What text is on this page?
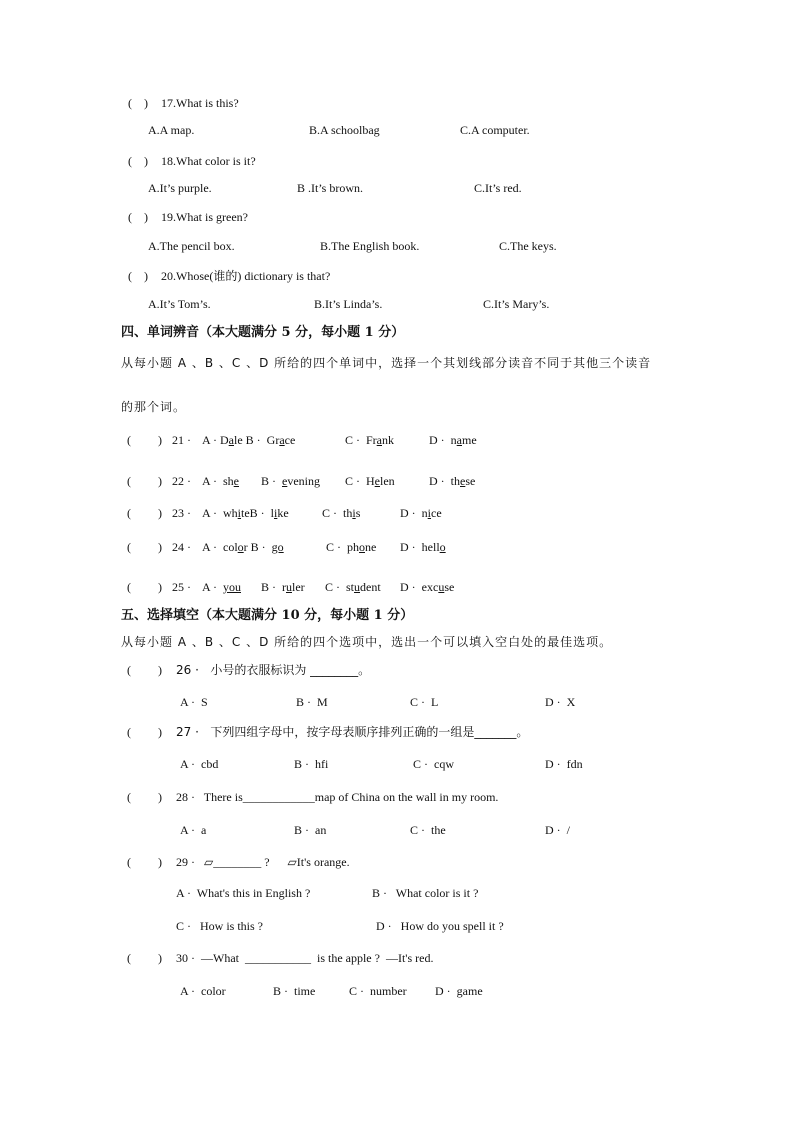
(    ) 17.What is this?
A.A map.	B.A schoolbag	C.A computer.
(    ) 18.What color is it?
A.It’s purple.	B .It’s brown.	C.It’s red.
(    ) 19.What is green?
A.The pencil box.	B.The English book.	C.The keys.
(    ) 20.Whose(谁的) dictionary is that?
A.It’s Tom’s.	B.It’s Linda’s.	C.It’s Mary’s.
四、单词辨音（本大题满分 5 分，每小题 1 分）
从每小题 A 、B 、C 、D 所给的四个单词中，选择一个其划线部分读音不同于其他三个读音
的那个词。
(         ) 21 · A · Dale B ·  Grace	C ·  Frank	D ·  name
(         ) 22 · A ·  she B ·  evening C ·  Helen	D ·  these
(         ) 23 · A ·  whiteB ·  like	C ·  this	D ·  nice
(         ) 24 · A ·  color B ·  go	C ·  phone D ·  hello
(         ) 25 · A ·  you B ·  ruler C ·  student D ·  excuse
五、选择填空（本大题满分 10 分，每小题 1 分）
从每小题 A 、B 、C 、D 所给的四个选项中，选出一个可以填入空白处的最佳选项。
(         ) 26 ·   小号的衣服标识为 ________。
A ·  S	B ·  M	C ·  L	D ·  X
(         ) 27 ·   下列四组字母中，按字母表顺序排列正确的一组是_______。
A ·  cbd	B ·  hfi	C ·  cqw	D ·  fdn
(         ) 28 ·   There is____________map of China on the wall in my room.
A ·  a	B ·  an	C ·  the	D ·  /
(         ) 29 ·   ▱________ ?      ▱It's orange.
A ·  What's this in English ?	B ·   What color is it ?
C ·   How is this ?	D ·   How do you spell it ?
(         ) 30 ·  —What  ___________  is the apple ?  —It's red.
A ·  color	B ·  time	C ·  number D ·  game
